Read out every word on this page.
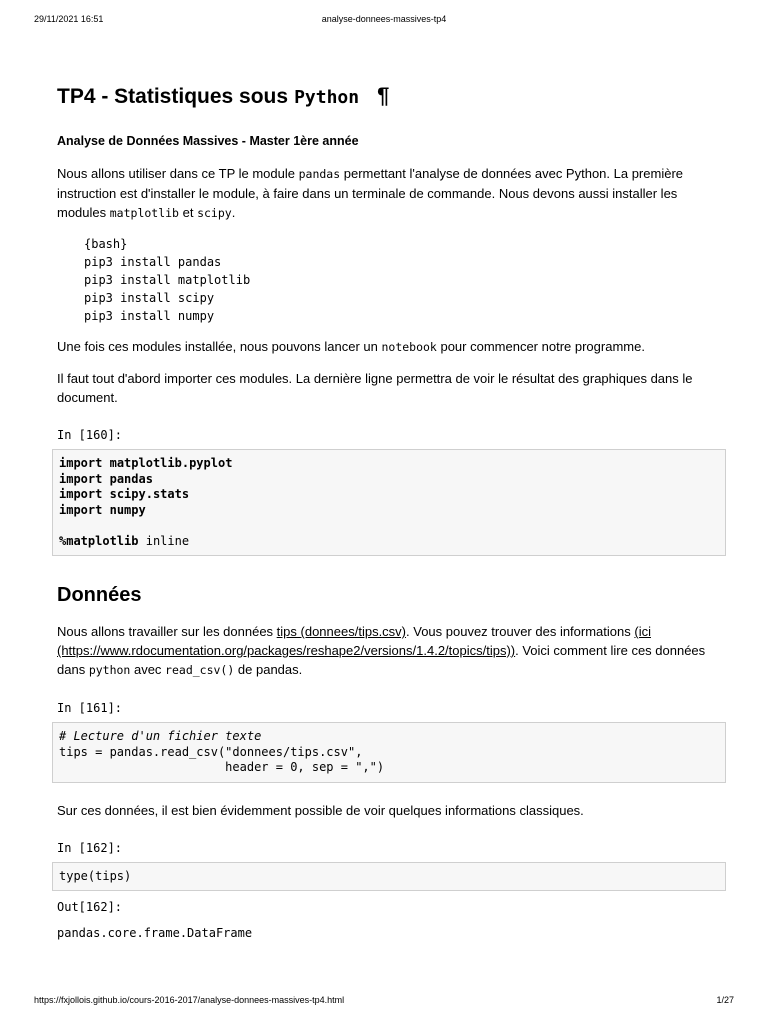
29/11/2021 16:51	analyse-donnees-massives-tp4
TP4 - Statistiques sous Python ¶
Analyse de Données Massives - Master 1ère année

Nous allons utiliser dans ce TP le module pandas permettant l'analyse de données avec Python. La première instruction est d'installer le module, à faire dans un terminale de commande. Nous devons aussi installer les modules matplotlib et scipy.

{bash}
pip3 install pandas
pip3 install matplotlib
pip3 install scipy
pip3 install numpy

Une fois ces modules installée, nous pouvons lancer un notebook pour commencer notre programme.

Il faut tout d'abord importer ces modules. La dernière ligne permettra de voir le résultat des graphiques dans le document.

In [160]:
import matplotlib.pyplot
import pandas
import scipy.stats
import numpy
%matplotlib inline
Données

Nous allons travailler sur les données tips (donnees/tips.csv). Vous pouvez trouver des informations (ici (https://www.rdocumentation.org/packages/reshape2/versions/1.4.2/topics/tips)). Voici comment lire ces données dans python avec read_csv() de pandas.

In [161]:
# Lecture d'un fichier texte
tips = pandas.read_csv("donnees/tips.csv",
header = 0, sep = ",")

Sur ces données, il est bien évidemment possible de voir quelques informations classiques.

In [162]:
type(tips)
Out[162]:
pandas.core.frame.DataFrame
https://fxjollois.github.io/cours-2016-2017/analyse-donnees-massives-tp4.html	1/27
